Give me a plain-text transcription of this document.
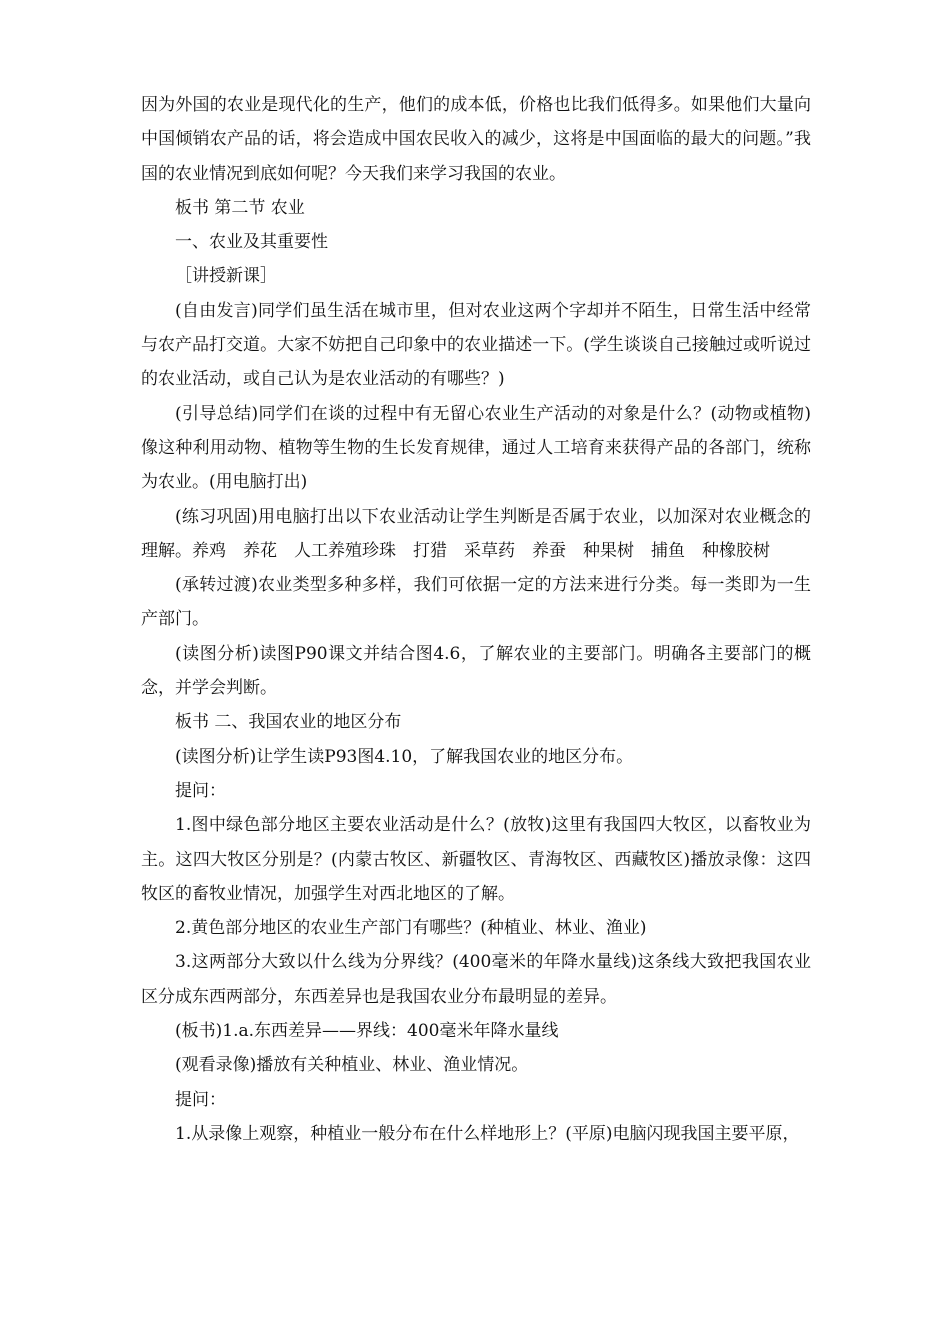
因为外国的农业是现代化的生产，他们的成本低，价格也比我们低得多。如果他们大量向中国倾销农产品的话，将会造成中国农民收入的减少，这将是中国面临的最大的问题。”我国的农业情况到底如何呢？今天我们来学习我国的农业。

板书 第二节 农业

一、农业及其重要性

［讲授新课］

(自由发言)同学们虽生活在城市里，但对农业这两个字却并不陌生，日常生活中经常与农产品打交道。大家不妨把自己印象中的农业描述一下。(学生谈谈自己接触过或听说过的农业活动，或自己认为是农业活动的有哪些？)

(引导总结)同学们在谈的过程中有无留心农业生产活动的对象是什么？(动物或植物)像这种利用动物、植物等生物的生长发育规律，通过人工培育来获得产品的各部门，统称为农业。(用电脑打出)

(练习巩固)用电脑打出以下农业活动让学生判断是否属于农业，以加深对农业概念的理解。养鸡　养花　人工养殖珍珠　打猎　采草药　养蚕　种果树　捕鱼　种橡胶树

(承转过渡)农业类型多种多样，我们可依据一定的方法来进行分类。每一类即为一生产部门。

(读图分析)读图P90课文并结合图4.6，了解农业的主要部门。明确各主要部门的概念，并学会判断。

板书 二、我国农业的地区分布

(读图分析)让学生读P93图4.10，了解我国农业的地区分布。

提问：

1.图中绿色部分地区主要农业活动是什么？(放牧)这里有我国四大牧区，以畜牧业为主。这四大牧区分别是？(内蒙古牧区、新疆牧区、青海牧区、西藏牧区)播放录像：这四牧区的畜牧业情况，加强学生对西北地区的了解。

2.黄色部分地区的农业生产部门有哪些？(种植业、林业、渔业)

3.这两部分大致以什么线为分界线？(400毫米的年降水量线)这条线大致把我国农业区分成东西两部分，东西差异也是我国农业分布最明显的差异。

(板书)1.a.东西差异——界线：400毫米年降水量线

(观看录像)播放有关种植业、林业、渔业情况。

提问：

1.从录像上观察，种植业一般分布在什么样地形上？(平原)电脑闪现我国主要平原，
